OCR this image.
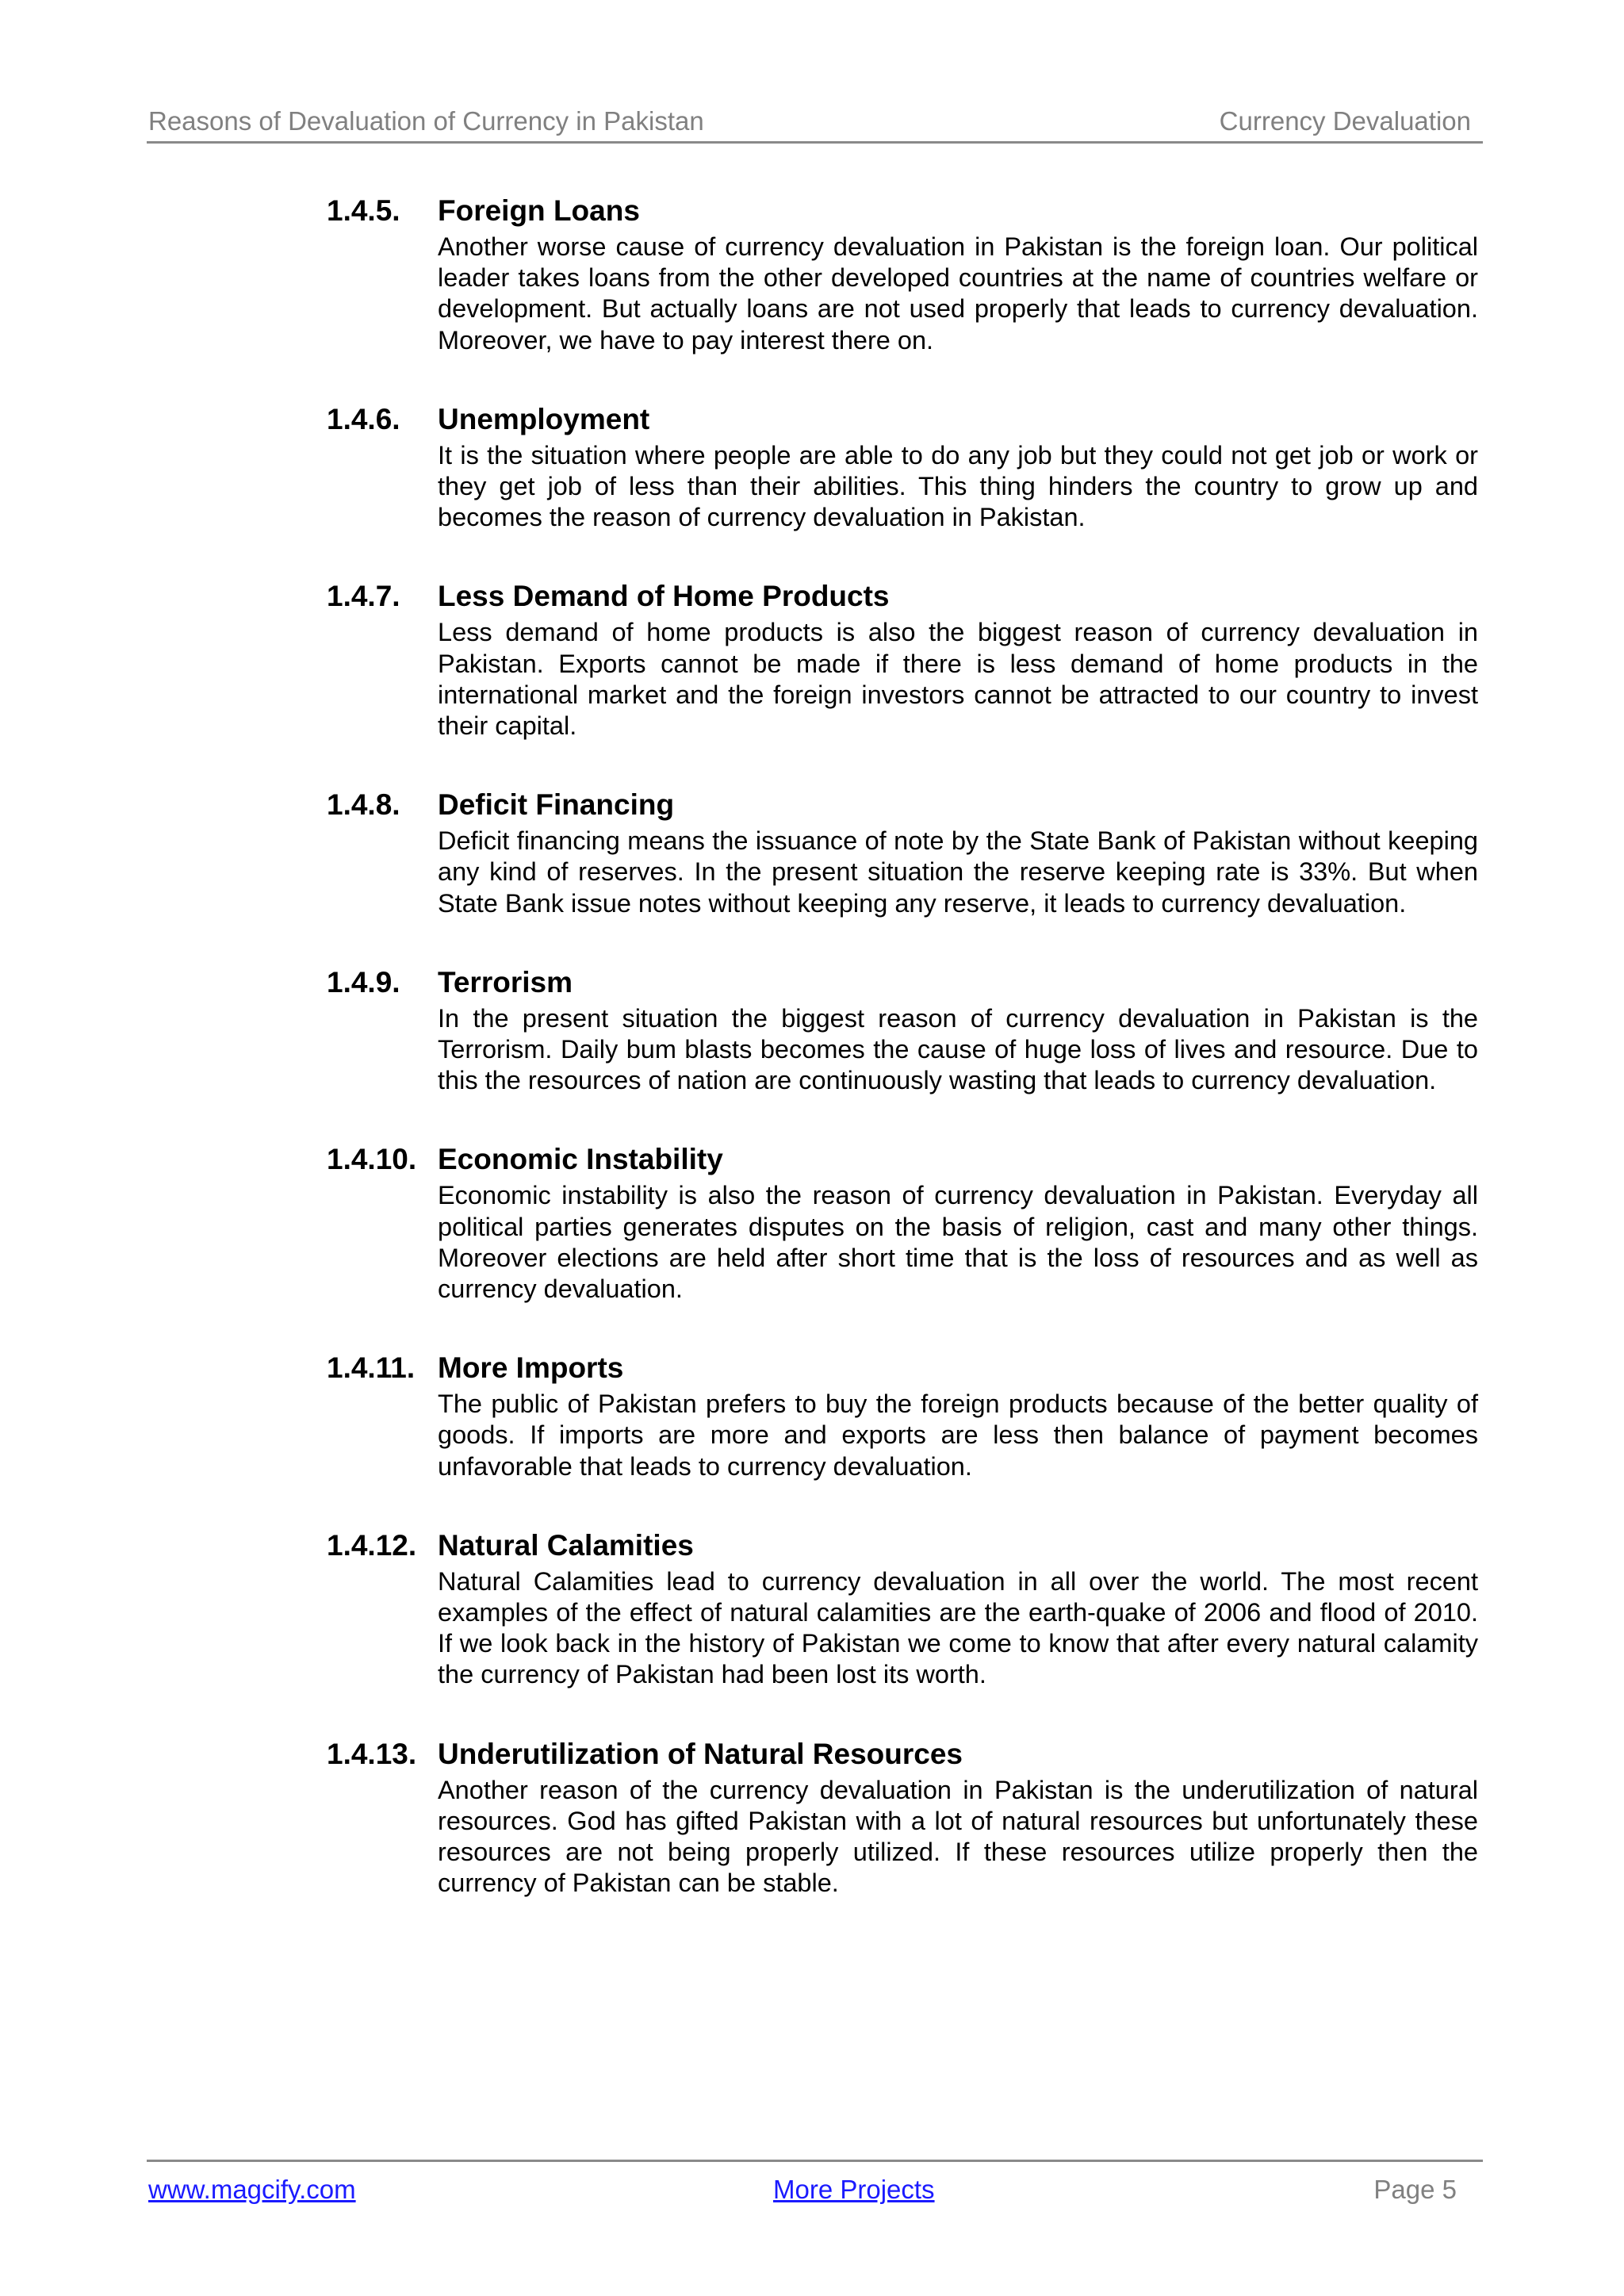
Reasons of Devaluation of Currency in Pakistan	Currency Devaluation
1.4.5. Foreign Loans
Another worse cause of currency devaluation in Pakistan is the foreign loan. Our political leader takes loans from the other developed countries at the name of countries welfare or development. But actually loans are not used properly that leads to currency devaluation. Moreover, we have to pay interest there on.
1.4.6. Unemployment
It is the situation where people are able to do any job but they could not get job or work or they get job of less than their abilities. This thing hinders the country to grow up and becomes the reason of currency devaluation in Pakistan.
1.4.7. Less Demand of Home Products
Less demand of home products is also the biggest reason of currency devaluation in Pakistan. Exports cannot be made if there is less demand of home products in the international market and the foreign investors cannot be attracted to our country to invest their capital.
1.4.8. Deficit Financing
Deficit financing means the issuance of note by the State Bank of Pakistan without keeping any kind of reserves. In the present situation the reserve keeping rate is 33%. But when State Bank issue notes without keeping any reserve, it leads to currency devaluation.
1.4.9. Terrorism
In the present situation the biggest reason of currency devaluation in Pakistan is the Terrorism. Daily bum blasts becomes the cause of huge loss of lives and resource. Due to this the resources of nation are continuously wasting that leads to currency devaluation.
1.4.10. Economic Instability
Economic instability is also the reason of currency devaluation in Pakistan. Everyday all political parties generates disputes on the basis of religion, cast and many other things. Moreover elections are held after short time that is the loss of resources and as well as currency devaluation.
1.4.11. More Imports
The public of Pakistan prefers to buy the foreign products because of the better quality of goods. If imports are more and exports are less then balance of payment becomes unfavorable that leads to currency devaluation.
1.4.12. Natural Calamities
Natural Calamities lead to currency devaluation in all over the world. The most recent examples of the effect of natural calamities are the earth-quake of 2006 and flood of 2010. If we look back in the history of Pakistan we come to know that after every natural calamity the currency of Pakistan had been lost its worth.
1.4.13. Underutilization of Natural Resources
Another reason of the currency devaluation in Pakistan is the underutilization of natural resources. God has gifted Pakistan with a lot of natural resources but unfortunately these resources are not being properly utilized. If these resources utilize properly then the currency of Pakistan can be stable.
www.magcify.com	More Projects	Page 5
